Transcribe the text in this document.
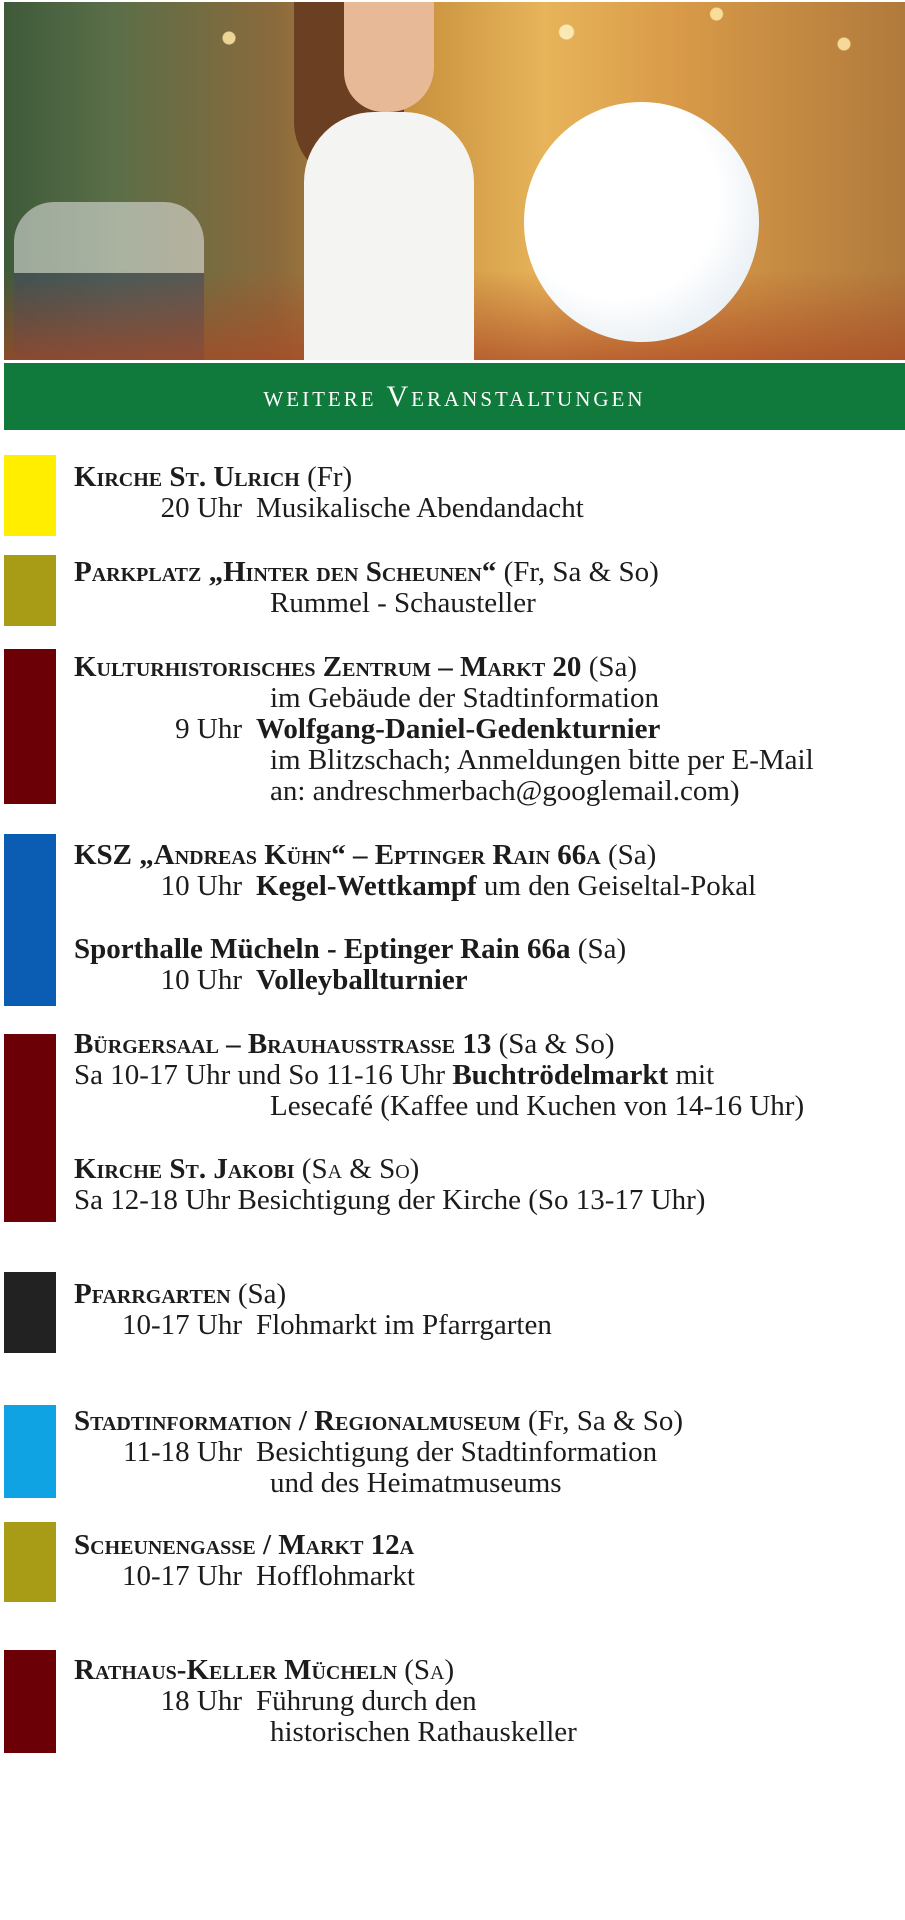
weitere Veranstaltungen
Kirche St. Ulrich (Fr)
20 Uhr Musikalische Abendandacht
Parkplatz „Hinter den Scheunen“ (Fr, Sa & So)
Rummel - Schausteller
Kulturhistorisches Zentrum – Markt 20 (Sa)
im Gebäude der Stadtinformation
9 Uhr Wolfgang-Daniel-Gedenkturnier
im Blitzschach; Anmeldungen bitte per E-Mail
an: andreschmerbach@googlemail.com)
KSZ „Andreas Kühn“ – Eptinger Rain 66a (Sa)
10 Uhr Kegel-Wettkampf um den Geiseltal-Pokal
Sporthalle Mücheln - Eptinger Rain 66a (Sa)
10 Uhr Volleyballturnier
Bürgersaal – Brauhausstrasse 13 (Sa & So)
Sa 10-17 Uhr und So 11-16 Uhr Buchtrödelmarkt mit
Lesecafé (Kaffee und Kuchen von 14-16 Uhr)
Kirche St. Jakobi (Sa & So)
Sa 12-18 Uhr Besichtigung der Kirche (So 13-17 Uhr)
Pfarrgarten (Sa)
10-17 Uhr Flohmarkt im Pfarrgarten
Stadtinformation / Regionalmuseum (Fr, Sa & So)
11-18 Uhr Besichtigung der Stadtinformation
und des Heimatmuseums
Scheunengasse / Markt 12a
10-17 Uhr Hofflohmarkt
Rathaus-Keller Mücheln (Sa)
18 Uhr Führung durch den
historischen Rathauskeller
